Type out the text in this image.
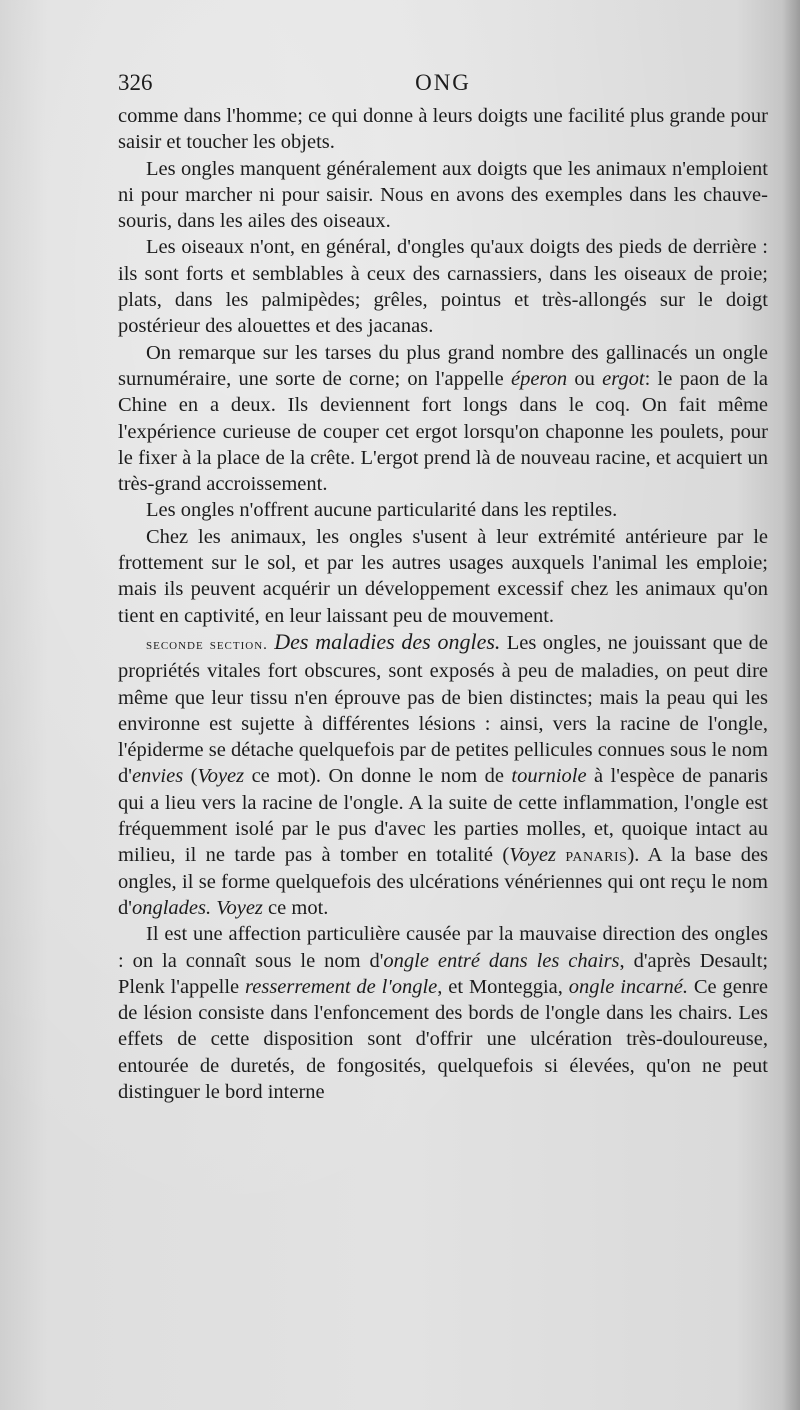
326	ONG

comme dans l'homme; ce qui donne à leurs doigts une facilité plus grande pour saisir et toucher les objets.

Les ongles manquent généralement aux doigts que les animaux n'emploient ni pour marcher ni pour saisir. Nous en avons des exemples dans les chauve-souris, dans les ailes des oiseaux.

Les oiseaux n'ont, en général, d'ongles qu'aux doigts des pieds de derrière : ils sont forts et semblables à ceux des carnassiers, dans les oiseaux de proie; plats, dans les palmipèdes; grêles, pointus et très-allongés sur le doigt postérieur des alouettes et des jacanas.

On remarque sur les tarses du plus grand nombre des gallinacés un ongle surnuméraire, une sorte de corne; on l'appelle éperon ou ergot: le paon de la Chine en a deux. Ils deviennent fort longs dans le coq. On fait même l'expérience curieuse de couper cet ergot lorsqu'on chaponne les poulets, pour le fixer à la place de la crête. L'ergot prend là de nouveau racine, et acquiert un très-grand accroissement.

Les ongles n'offrent aucune particularité dans les reptiles.

Chez les animaux, les ongles s'usent à leur extrémité antérieure par le frottement sur le sol, et par les autres usages auxquels l'animal les emploie; mais ils peuvent acquérir un développement excessif chez les animaux qu'on tient en captivité, en leur laissant peu de mouvement.

seconde section. Des maladies des ongles. Les ongles, ne jouissant que de propriétés vitales fort obscures, sont exposés à peu de maladies, on peut dire même que leur tissu n'en éprouve pas de bien distinctes; mais la peau qui les environne est sujette à différentes lésions : ainsi, vers la racine de l'ongle, l'épiderme se détache quelquefois par de petites pellicules connues sous le nom d'envies (Voyez ce mot). On donne le nom de tourniole à l'espèce de panaris qui a lieu vers la racine de l'ongle. A la suite de cette inflammation, l'ongle est fréquemment isolé par le pus d'avec les parties molles, et, quoique intact au milieu, il ne tarde pas à tomber en totalité (Voyez panaris). A la base des ongles, il se forme quelquefois des ulcérations vénériennes qui ont reçu le nom d'onglades. Voyez ce mot.

Il est une affection particulière causée par la mauvaise direction des ongles : on la connaît sous le nom d'ongle entré dans les chairs, d'après Desault; Plenk l'appelle resserrement de l'ongle, et Monteggia, ongle incarné. Ce genre de lésion consiste dans l'enfoncement des bords de l'ongle dans les chairs. Les effets de cette disposition sont d'offrir une ulcération très-douloureuse, entourée de duretés, de fongosités, quelquefois si élevées, qu'on ne peut distinguer le bord interne
